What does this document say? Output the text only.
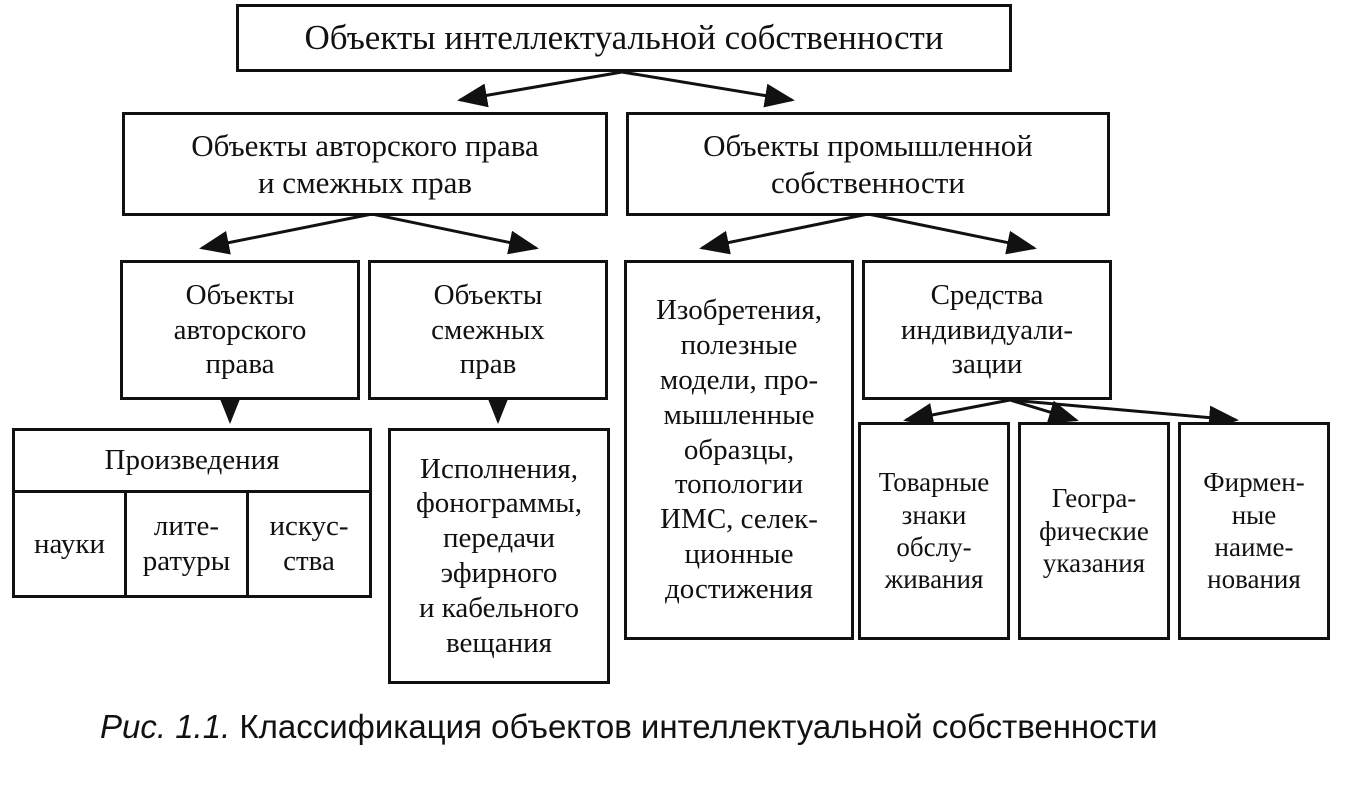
Объекты интеллектуальной собственности
Объекты авторского права
и смежных прав
Объекты промышленной
собственности
Объекты
авторского
права
Объекты
смежных
прав
Изобретения,
полезные
модели, про-
мышленные
образцы,
топологии
ИМС, селек-
ционные
достижения
Средства
индивидуали-
зации
Произведения
науки
лите-
ратуры
искус-
ства
Исполнения,
фонограммы,
передачи
эфирного
и кабельного
вещания
Товарные
знаки
обслу-
живания
Геогра-
фические
указания
Фирмен-
ные
наиме-
нования
Рис. 1.1. Классификация объектов интеллектуальной собственности
